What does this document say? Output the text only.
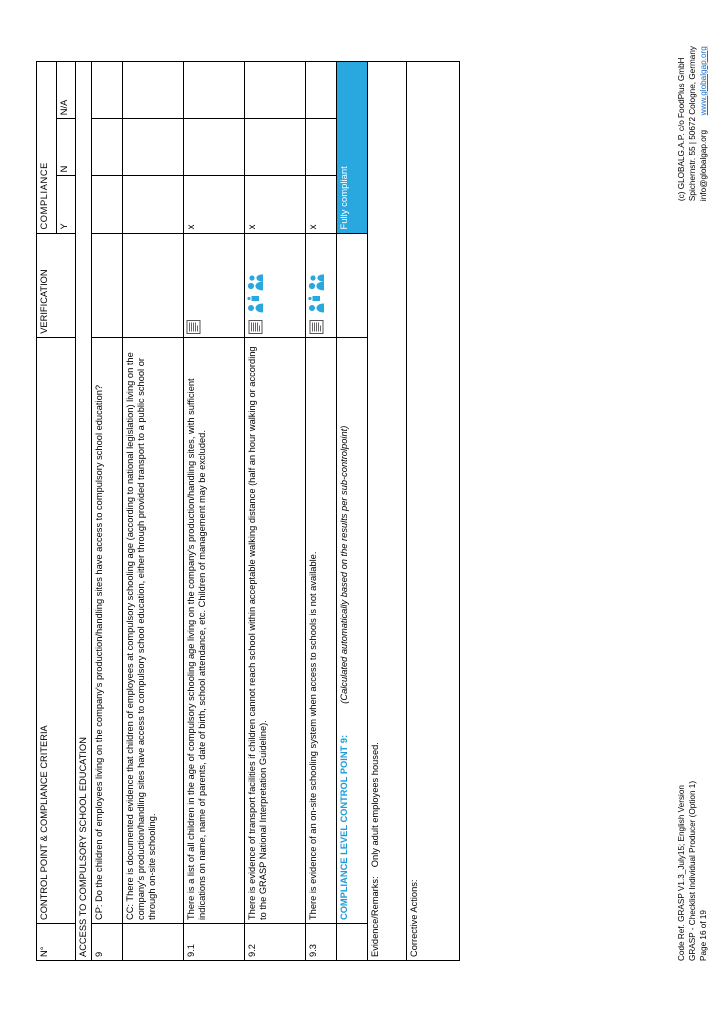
N°	CONTROL POINT & COMPLIANCE CRITERIA	VERIFICATION	COMPLIANCE		
			Y	N	N/A
ACCESS TO COMPULSORY SCHOOL EDUCATION					
9	CP: Do the children of employees living on the company's production/handling sites have access to compulsory school education?				
	CC: There is documented evidence that children of employees at compulsory schooling age (according to national legislation) living on the company's production/handling sites have access to compulsory school education, either through provided transport to a public school or through on-site schooling.				
9.1	There is a list of all children in the age of compulsory schooling age living on the company's production/handling sites, with sufficient indications on name, name of parents, date of birth, school attendance, etc. Children of management may be excluded.		x		
9.2	There is evidence of transport facilities if children cannot reach school within acceptable walking distance (half an hour walking or according to the GRASP National Interpretation Guideline).		x		
9.3	There is evidence of an on-site schooling system when access to schools is not available.		x		
	COMPLIANCE LEVEL CONTROL POINT 9:  (Calculated automatically based on the results per sub-controlpoint)		Fully compliant		
Evidence/Remarks:  Only adult employees housed.					
Corrective Actions:						Code Ref. GRASP V1.3_July15; English Version GRASP - Checklist Individual Producer (Option 1) Page 16 of 19
(c) GLOBALG.A.P. c/o FoodPlus GmbH Spichernstr. 55 | 50672 Cologne, Germany info@globalgap.org  www.globalgap.org
